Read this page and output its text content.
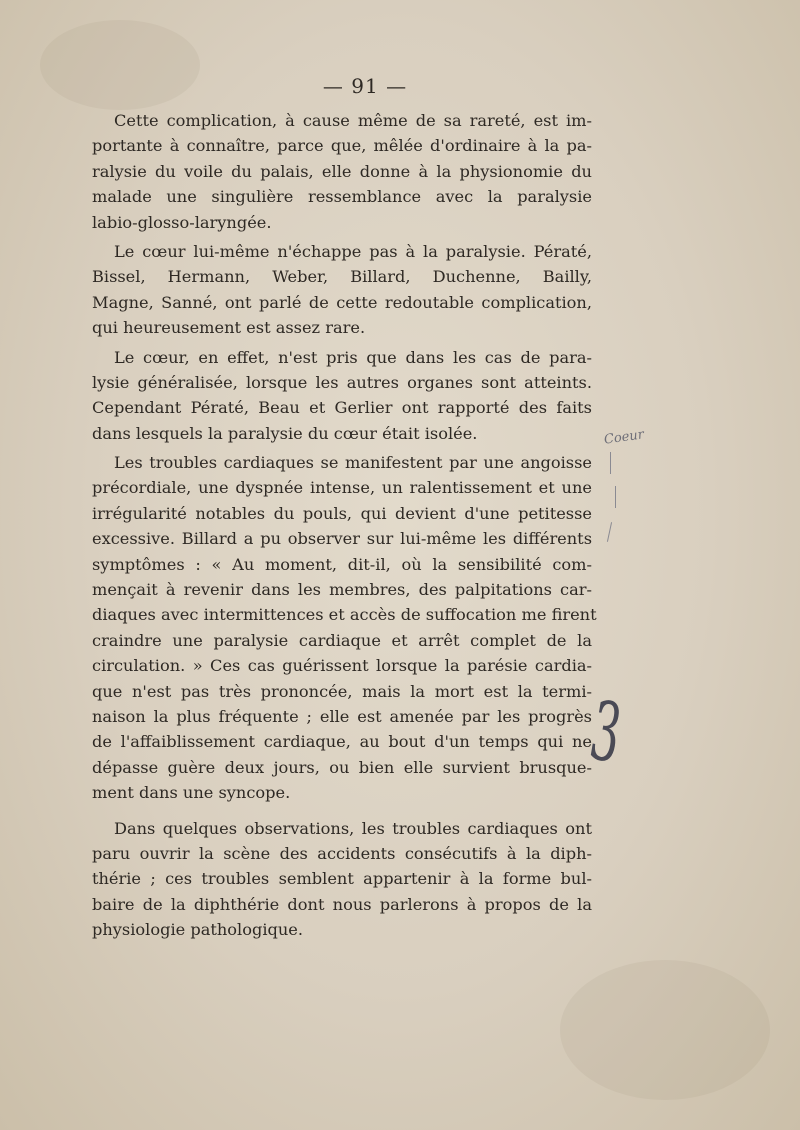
— 91 —

Cette complication, à cause même de sa rareté, est im-
portante à connaître, parce que, mêlée d'ordinaire à la pa-
ralysie du voile du palais, elle donne à la physionomie du
malade une singulière ressemblance avec la paralysie
labio-glosso-laryngée.

Le cœur lui-même n'échappe pas à la paralysie. Pératé,
Bissel, Hermann, Weber, Billard, Duchenne, Bailly,
Magne, Sanné, ont parlé de cette redoutable complication,
qui heureusement est assez rare.

Le cœur, en effet, n'est pris que dans les cas de para-
lysie généralisée, lorsque les autres organes sont atteints.
Cependant Pératé, Beau et Gerlier ont rapporté des faits
dans lesquels la paralysie du cœur était isolée.

Les troubles cardiaques se manifestent par une angoisse
précordiale, une dyspnée intense, un ralentissement et une
irrégularité notables du pouls, qui devient d'une petitesse
excessive. Billard a pu observer sur lui-même les différents
symptômes : « Au moment, dit-il, où la sensibilité com-
mençait à revenir dans les membres, des palpitations car-
diaques avec intermittences et accès de suffocation me firent
craindre une paralysie cardiaque et arrêt complet de la
circulation. » Ces cas guérissent lorsque la parésie cardia-
que n'est pas très prononcée, mais la mort est la termi-
naison la plus fréquente ; elle est amenée par les progrès
de l'affaiblissement cardiaque, au bout d'un temps qui ne
dépasse guère deux jours, ou bien elle survient brusque-
ment dans une syncope.

Dans quelques observations, les troubles cardiaques ont
paru ouvrir la scène des accidents consécutifs à la diph-
thérie ; ces troubles semblent appartenir à la forme bul-
baire de la diphthérie dont nous parlerons à propos de la
physiologie pathologique.

Coeur
3
